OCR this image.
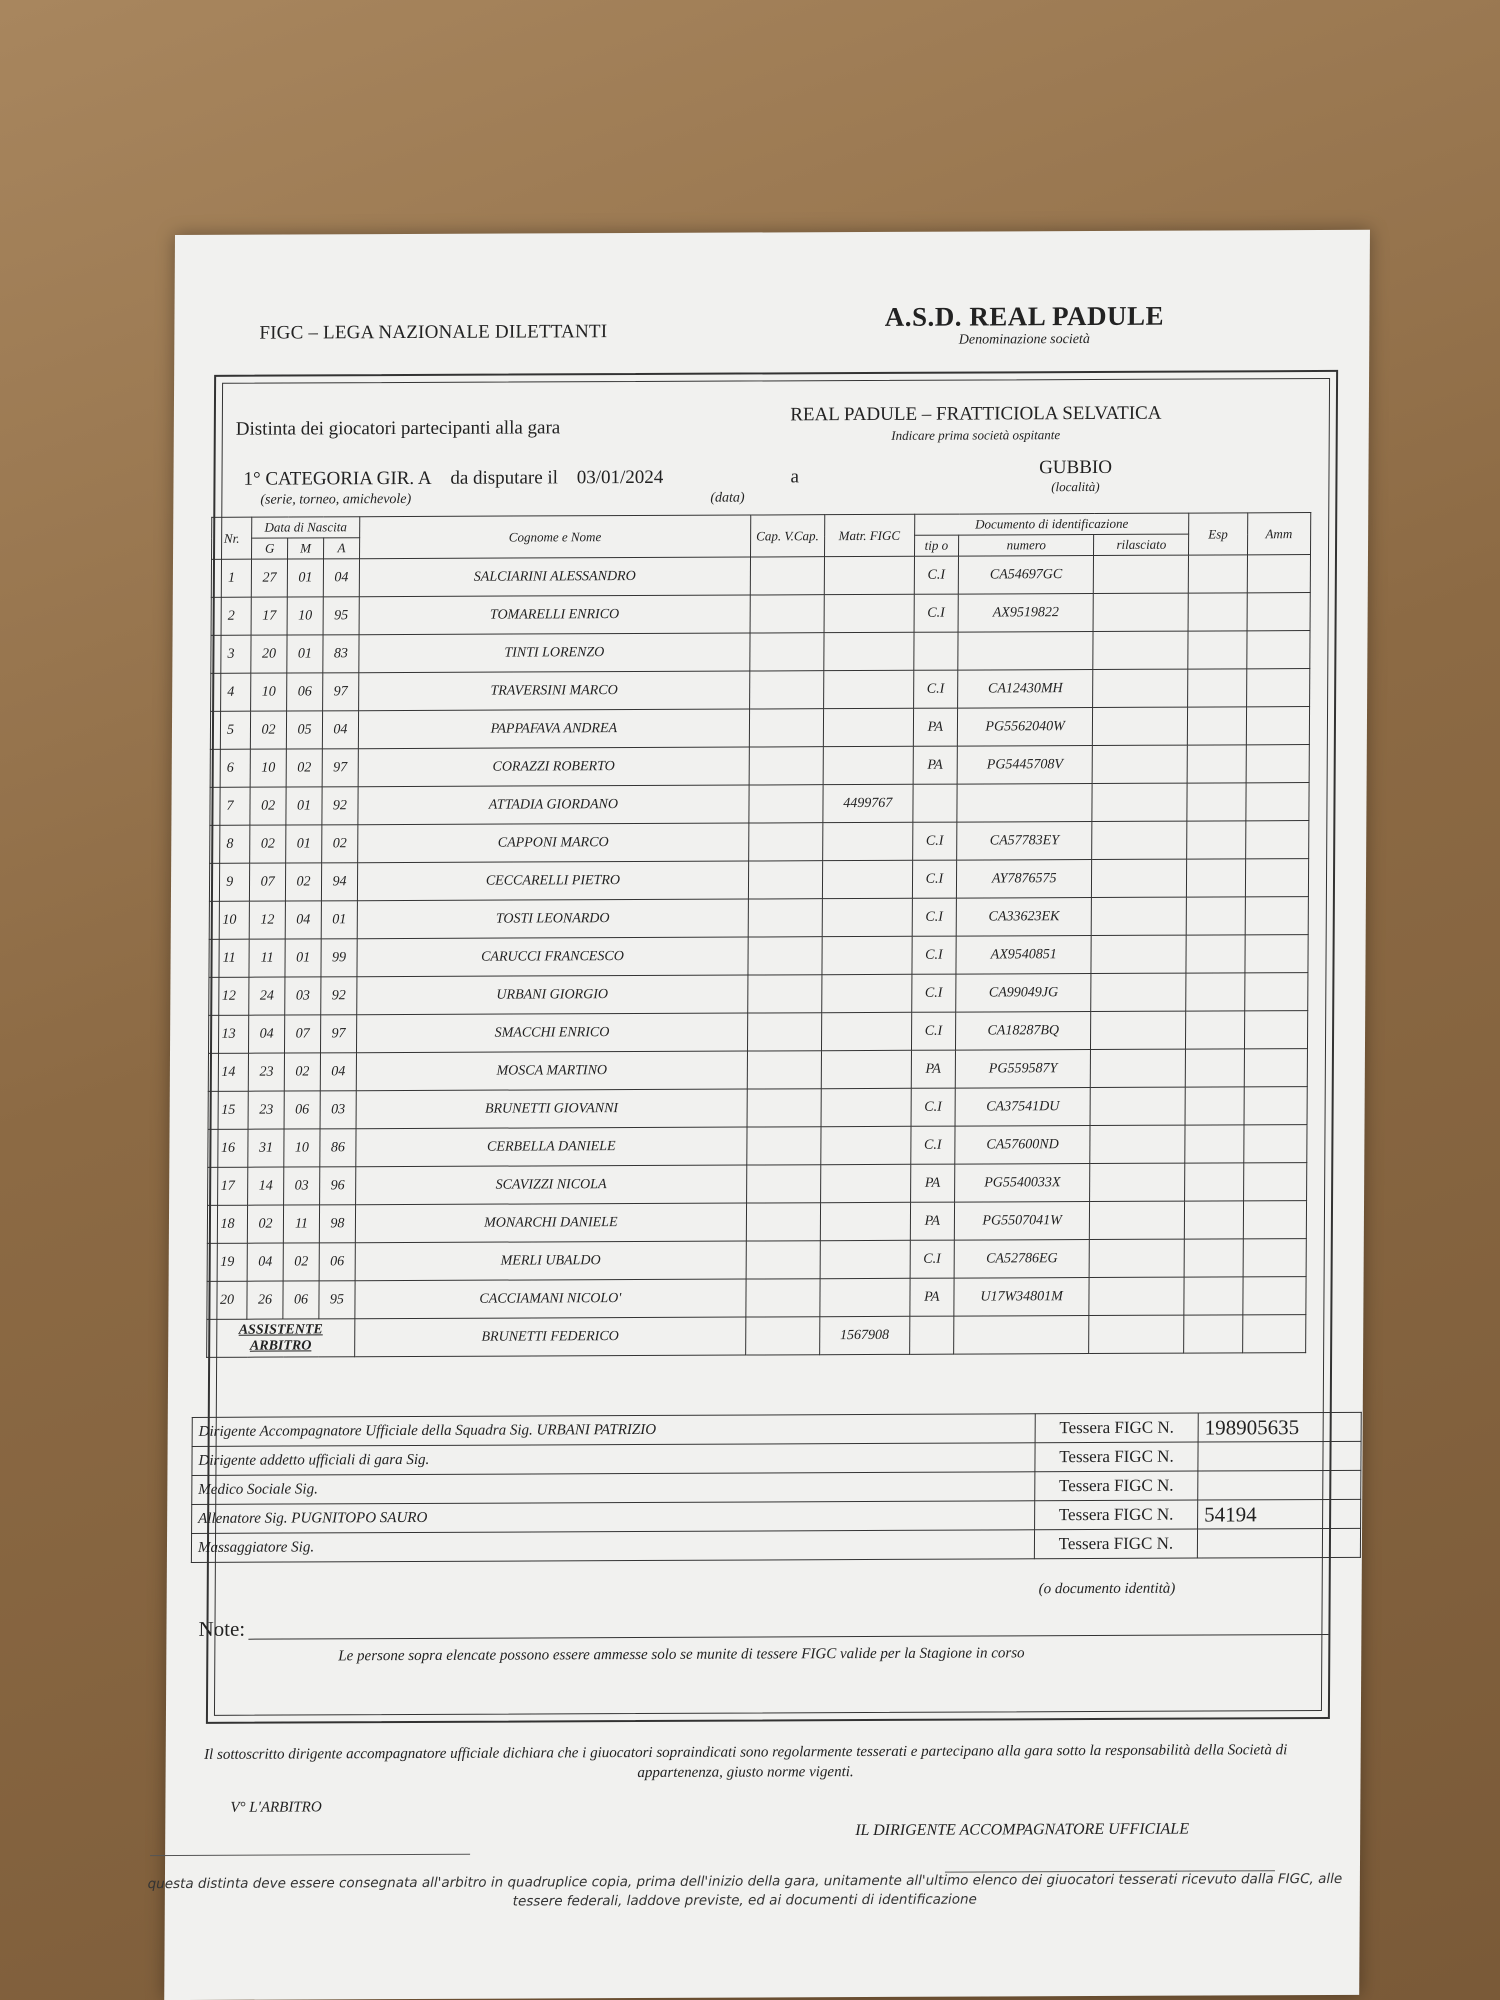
FIGC – LEGA NAZIONALE DILETTANTI
A.S.D. REAL PADULE
Denominazione società
Distinta dei giocatori partecipanti alla gara
REAL PADULE – FRATTICIOLA SELVATICA
Indicare prima società ospitante
1° CATEGORIA GIR. A da disputare il 03/01/2024
(serie, torneo, amichevole)	(data)
a	GUBBIO
(località)
Nr.	Data di Nascita			Cognome e Nome	Cap. V.Cap.	Matr. FIGC	Documento di identificazione			Esp	Amm
	G	M	A				tip o	numero	rilasciato		
1	27	01	04	SALCIARINI ALESSANDRO			C.I	CA54697GC			
2	17	10	95	TOMARELLI ENRICO			C.I	AX9519822			
3	20	01	83	TINTI LORENZO							
4	10	06	97	TRAVERSINI MARCO			C.I	CA12430MH			
5	02	05	04	PAPPAFAVA ANDREA			PA	PG5562040W			
6	10	02	97	CORAZZI ROBERTO			PA	PG5445708V			
7	02	01	92	ATTADIA GIORDANO		4499767					
8	02	01	02	CAPPONI MARCO			C.I	CA57783EY			
9	07	02	94	CECCARELLI PIETRO			C.I	AY7876575			
10	12	04	01	TOSTI LEONARDO			C.I	CA33623EK			
11	11	01	99	CARUCCI FRANCESCO			C.I	AX9540851			
12	24	03	92	URBANI GIORGIO			C.I	CA99049JG			
13	04	07	97	SMACCHI ENRICO			C.I	CA18287BQ			
14	23	02	04	MOSCA MARTINO			PA	PG559587Y			
15	23	06	03	BRUNETTI GIOVANNI			C.I	CA37541DU			
16	31	10	86	CERBELLA DANIELE			C.I	CA57600ND			
17	14	03	96	SCAVIZZI NICOLA			PA	PG5540033X			
18	02	11	98	MONARCHI DANIELE			PA	PG5507041W			
19	04	02	06	MERLI UBALDO			C.I	CA52786EG			
20	26	06	95	CACCIAMANI NICOLO'			PA	U17W34801M			
ASSISTENTE ARBITRO				BRUNETTI FEDERICO		1567908					
Dirigente Accompagnatore Ufficiale della Squadra Sig. URBANI PATRIZIO	Tessera FIGC N.	198905635
Dirigente addetto ufficiali di gara Sig.	Tessera FIGC N.	
Medico Sociale Sig.	Tessera FIGC N.	
Allenatore Sig. PUGNITOPO SAURO	Tessera FIGC N.	54194
Massaggiatore Sig.	Tessera FIGC N.	
(o documento identità)
Note:
Le persone sopra elencate possono essere ammesse solo se munite di tessere FIGC valide per la Stagione in corso
Il sottoscritto dirigente accompagnatore ufficiale dichiara che i giuocatori sopraindicati sono regolarmente tesserati e partecipano alla gara sotto la responsabilità della Società di appartenenza, giusto norme vigenti.
V° L'ARBITRO
IL DIRIGENTE ACCOMPAGNATORE UFFICIALE
questa distinta deve essere consegnata all'arbitro in quadruplice copia, prima dell'inizio della gara, unitamente all'ultimo elenco dei giuocatori tesserati ricevuto dalla FIGC, alle tessere federali, laddove previste, ed ai documenti di identificazione
